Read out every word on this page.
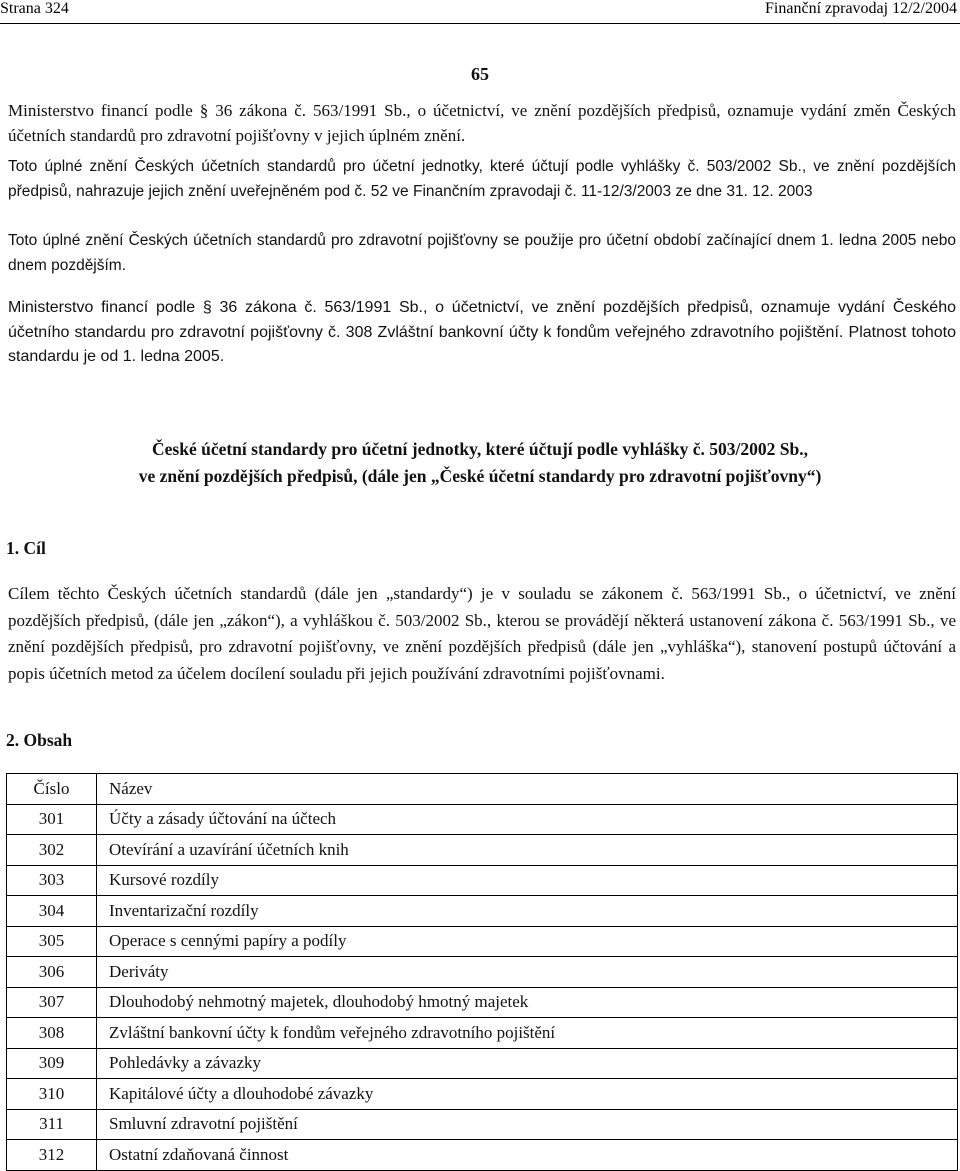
Strana 324	Finanční zpravodaj 12/2/2004
65

Ministerstvo financí podle § 36 zákona č. 563/1991 Sb., o účetnictví, ve znění pozdějších předpisů, oznamuje vydání změn Českých účetních standardů pro zdravotní pojišťovny v jejich úplném znění.

Toto úplné znění Českých účetních standardů pro účetní jednotky, které účtují podle vyhlášky č. 503/2002 Sb., ve znění pozdějších předpisů, nahrazuje jejich znění uveřejněném pod č. 52 ve Finančním zpravodaji č. 11-12/3/2003 ze dne 31. 12. 2003

Toto úplné znění Českých účetních standardů pro zdravotní pojišťovny se použije pro účetní období začínající dnem 1. ledna 2005 nebo dnem pozdějším.

Ministerstvo financí podle § 36 zákona č. 563/1991 Sb., o účetnictví, ve znění pozdějších předpisů, oznamuje vydání Českého účetního standardu pro zdravotní pojišťovny č. 308 Zvláštní bankovní účty k fondům veřejného zdravotního pojištění. Platnost tohoto standardu je od 1. ledna 2005.

České účetní standardy pro účetní jednotky, které účtují podle vyhlášky č. 503/2002 Sb.,
ve znění pozdějších předpisů, (dále jen „České účetní standardy pro zdravotní pojišťovny“)
1. Cíl

Cílem těchto Českých účetních standardů (dále jen „standardy“) je v souladu se zákonem č. 563/1991 Sb., o účetnictví, ve znění pozdějších předpisů, (dále jen „zákon“), a vyhláškou č. 503/2002 Sb., kterou se provádějí některá ustanovení zákona č. 563/1991 Sb., ve znění pozdějších předpisů, pro zdravotní pojišťovny, ve znění pozdějších předpisů (dále jen „vyhláška“), stanovení postupů účtování a popis účetních metod za účelem docílení souladu při jejich používání zdravotními pojišťovnami.

2. Obsah
Číslo	Název
301	Účty a zásady účtování na účtech
302	Otevírání a uzavírání účetních knih
303	Kursové rozdíly
304	Inventarizační rozdíly
305	Operace s cennými papíry a podíly
306	Deriváty
307	Dlouhodobý nehmotný majetek, dlouhodobý hmotný majetek
308	Zvláštní bankovní účty k fondům veřejného zdravotního pojištění
309	Pohledávky a závazky
310	Kapitálové účty a dlouhodobé závazky
311	Smluvní zdravotní pojištění
312	Ostatní zdaňovaná činnost
